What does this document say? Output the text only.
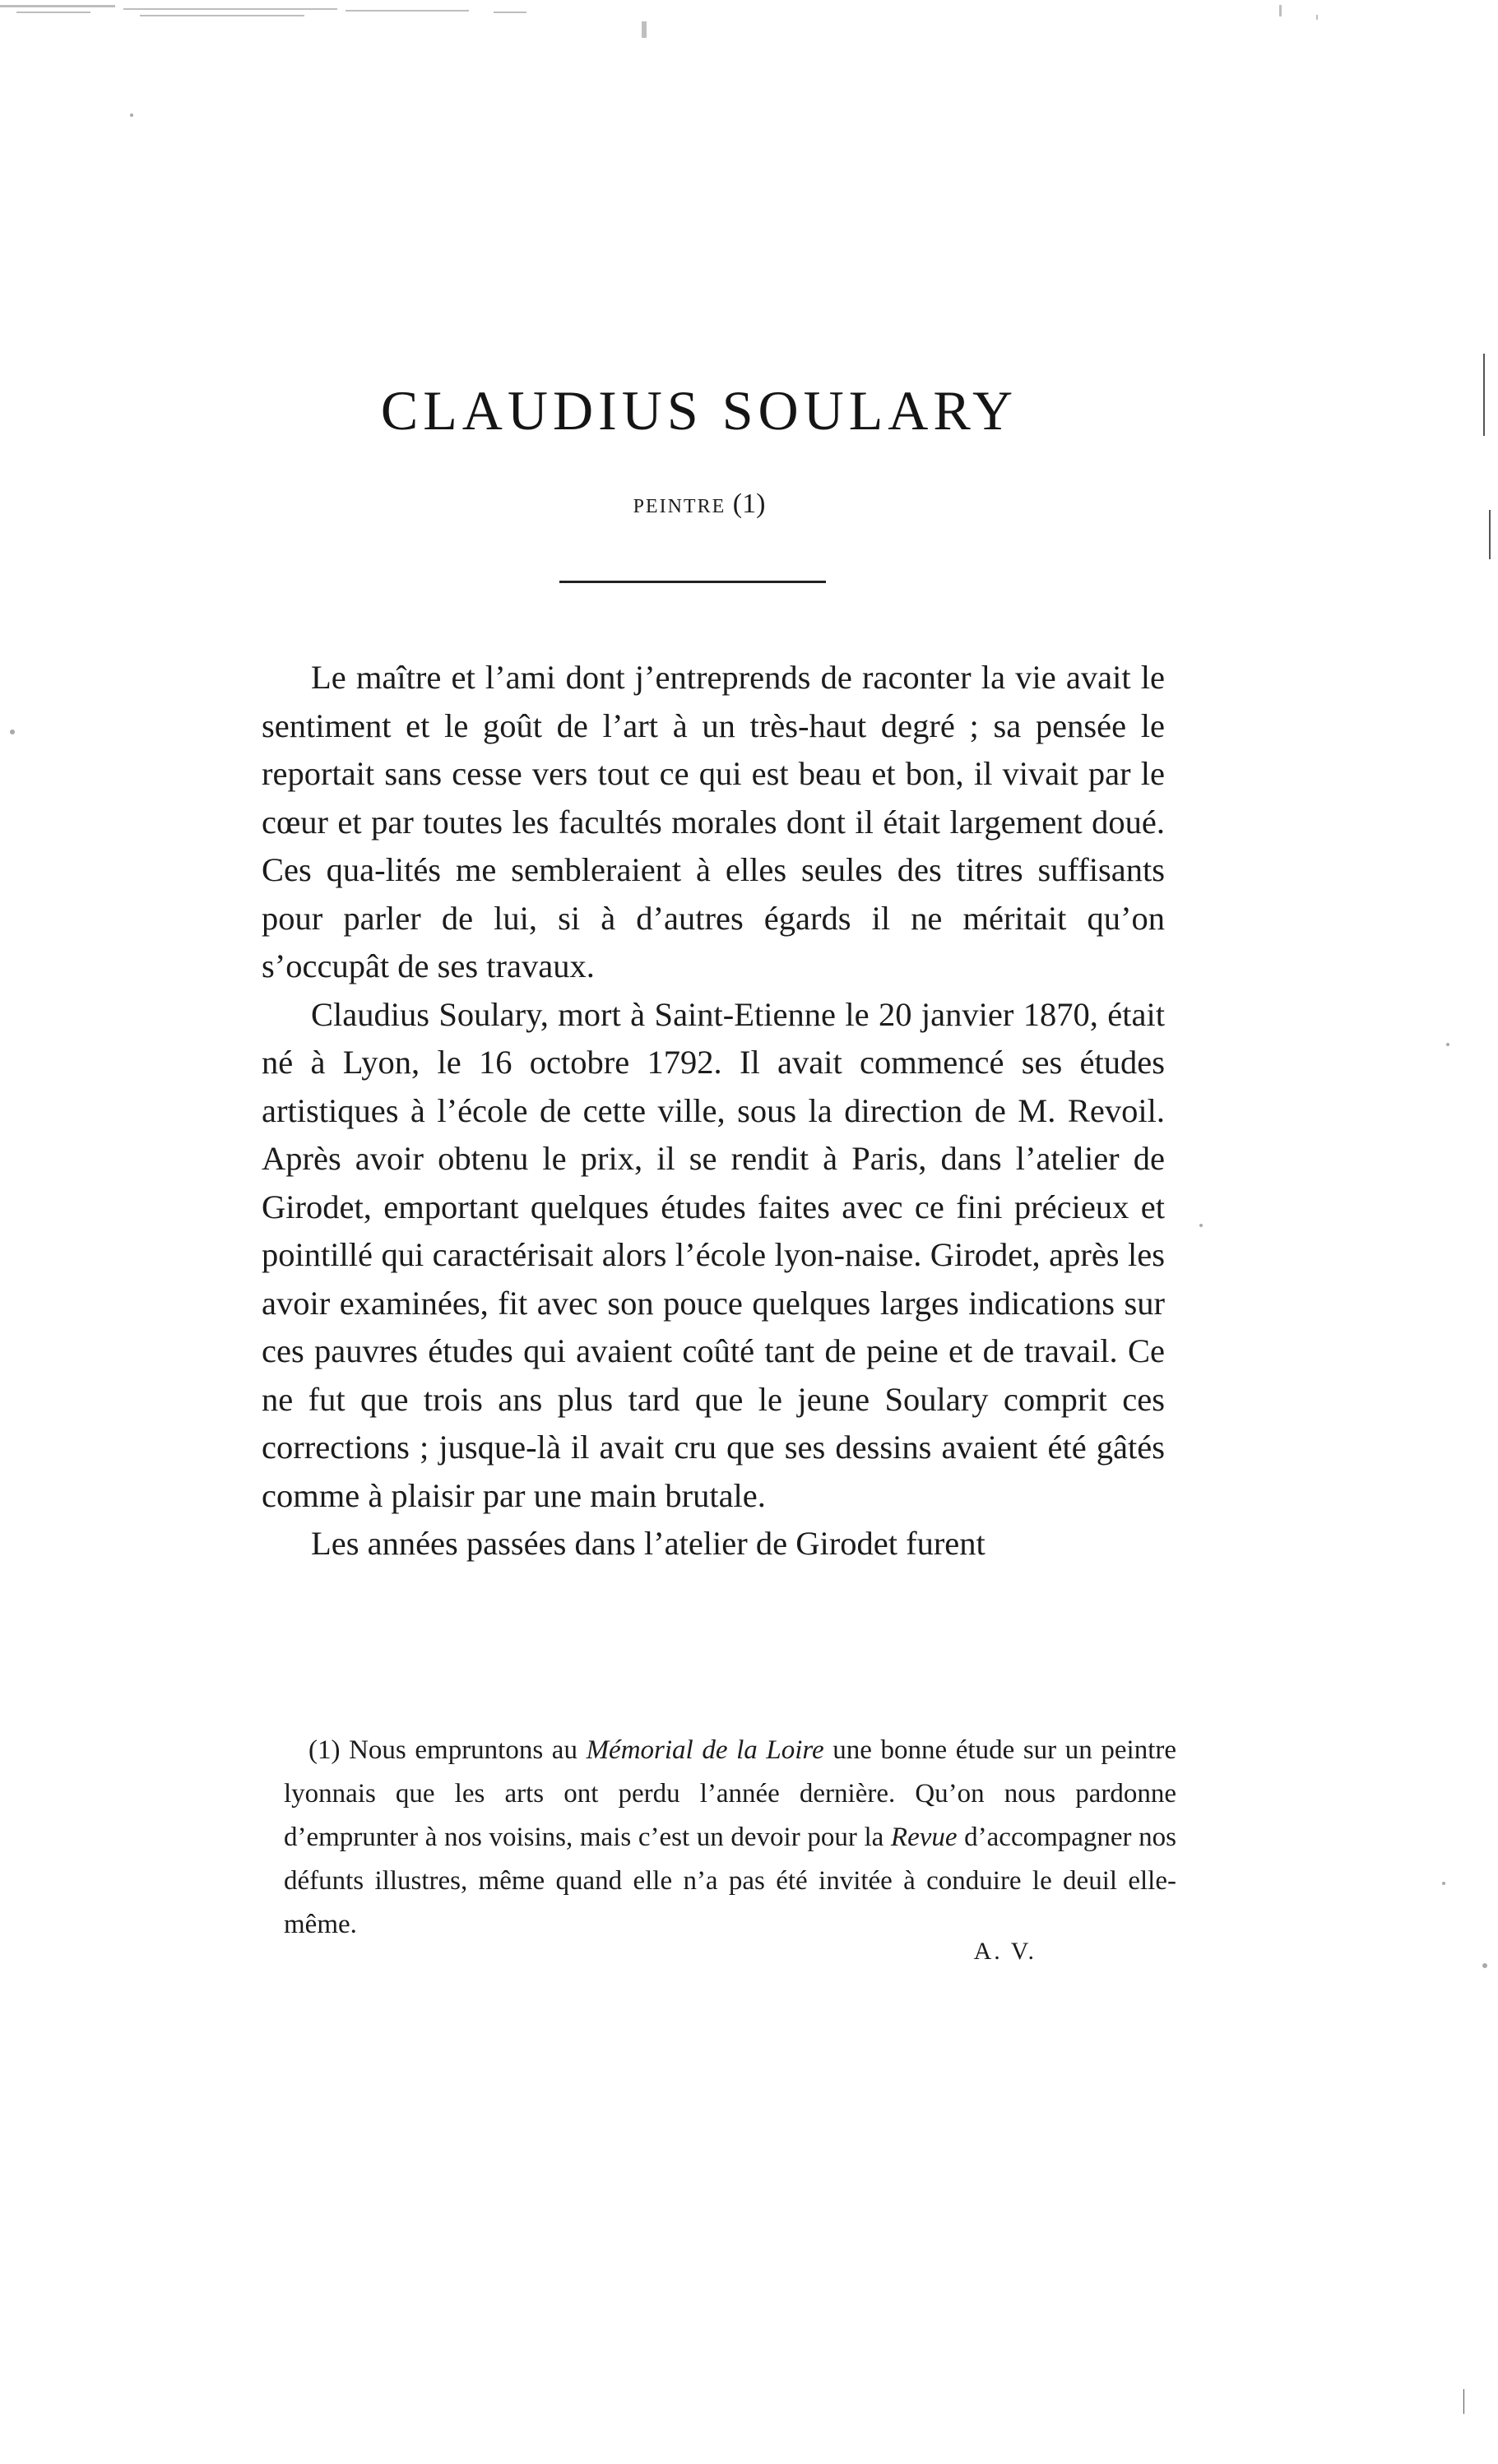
CLAUDIUS SOULARY
PEINTRE (1)

Le maître et l’ami dont j’entreprends de raconter la vie avait le sentiment et le goût de l’art à un très-haut degré ; sa pensée le reportait sans cesse vers tout ce qui est beau et bon, il vivait par le cœur et par toutes les facultés morales dont il était largement doué. Ces qua-lités me sembleraient à elles seules des titres suffisants pour parler de lui, si à d’autres égards il ne méritait qu’on s’occupât de ses travaux.

Claudius Soulary, mort à Saint-Etienne le 20 janvier 1870, était né à Lyon, le 16 octobre 1792. Il avait commencé ses études artistiques à l’école de cette ville, sous la direction de M. Revoil. Après avoir obtenu le prix, il se rendit à Paris, dans l’atelier de Girodet, emportant quelques études faites avec ce fini précieux et pointillé qui caractérisait alors l’école lyon-naise. Girodet, après les avoir examinées, fit avec son pouce quelques larges indications sur ces pauvres études qui avaient coûté tant de peine et de travail. Ce ne fut que trois ans plus tard que le jeune Soulary comprit ces corrections ; jusque-là il avait cru que ses dessins avaient été gâtés comme à plaisir par une main brutale.

Les années passées dans l’atelier de Girodet furent

(1) Nous empruntons au Mémorial de la Loire une bonne étude sur un peintre lyonnais que les arts ont perdu l’année dernière. Qu’on nous pardonne d’emprunter à nos voisins, mais c’est un devoir pour la Revue d’accompagner nos défunts illustres, même quand elle n’a pas été invitée à conduire le deuil elle-même.

A. V.
